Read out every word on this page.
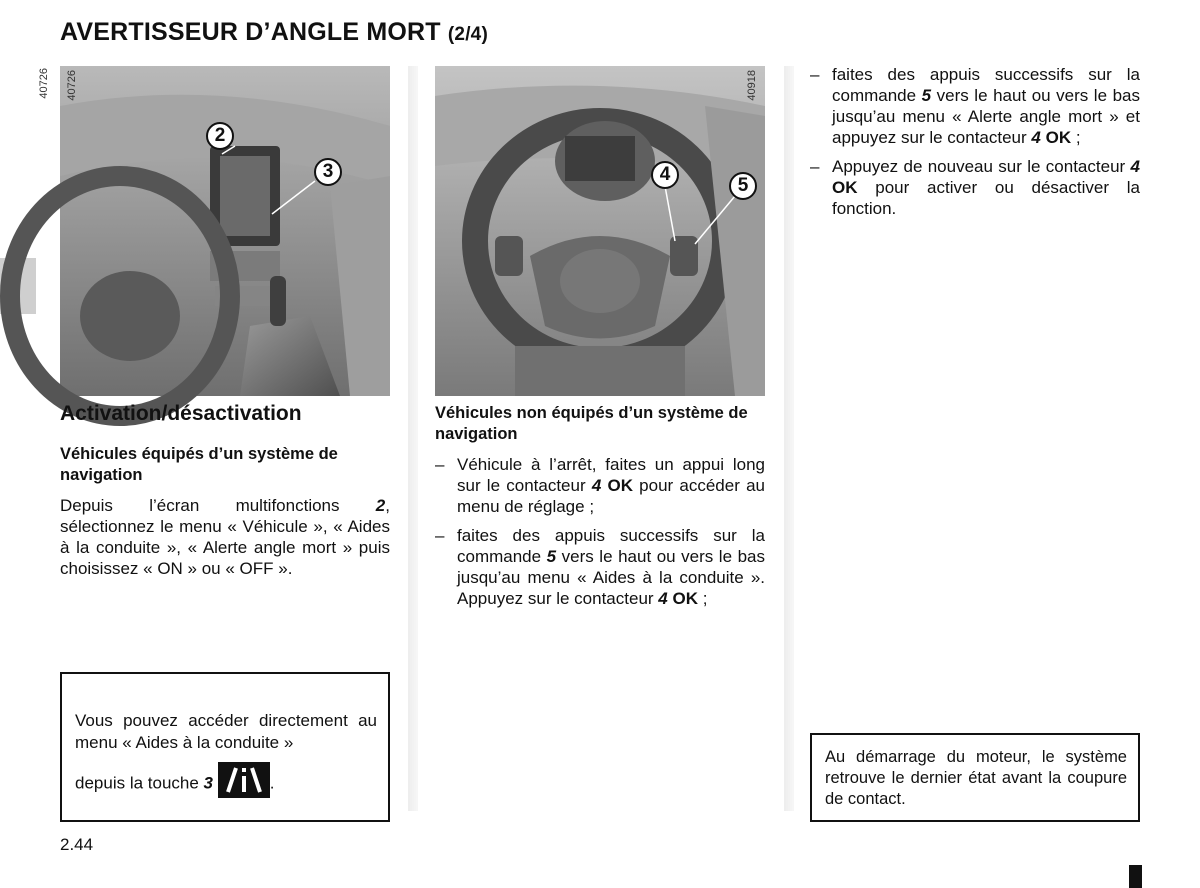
AVERTISSEUR D’ANGLE MORT (2/4)
40726
2
3
40726	40918
4
5
Activation/désactivation
Véhicules équipés d’un système de navigation
Depuis l’écran multifonctions 2, sélectionnez le menu « Véhicule », « Aides à la conduite », « Alerte angle mort » puis choisissez « ON » ou « OFF ».
Vous pouvez accéder directement au menu « Aides à la conduite »
depuis la touche 3	.
Véhicules non équipés d’un système de navigation
– Véhicule à l’arrêt, faites un appui long sur le contacteur 4 OK pour accéder au menu de réglage ;
– faites des appuis successifs sur la commande 5 vers le haut ou vers le bas jusqu’au menu « Aides à la conduite ». Appuyez sur le contacteur 4 OK ;
– faites des appuis successifs sur la commande 5 vers le haut ou vers le bas jusqu’au menu « Alerte angle mort » et appuyez sur le contacteur 4 OK ;
– Appuyez de nouveau sur le contacteur 4 OK pour activer ou désactiver la fonction.
Au démarrage du moteur, le système retrouve le dernier état avant la coupure de contact.
2.44
